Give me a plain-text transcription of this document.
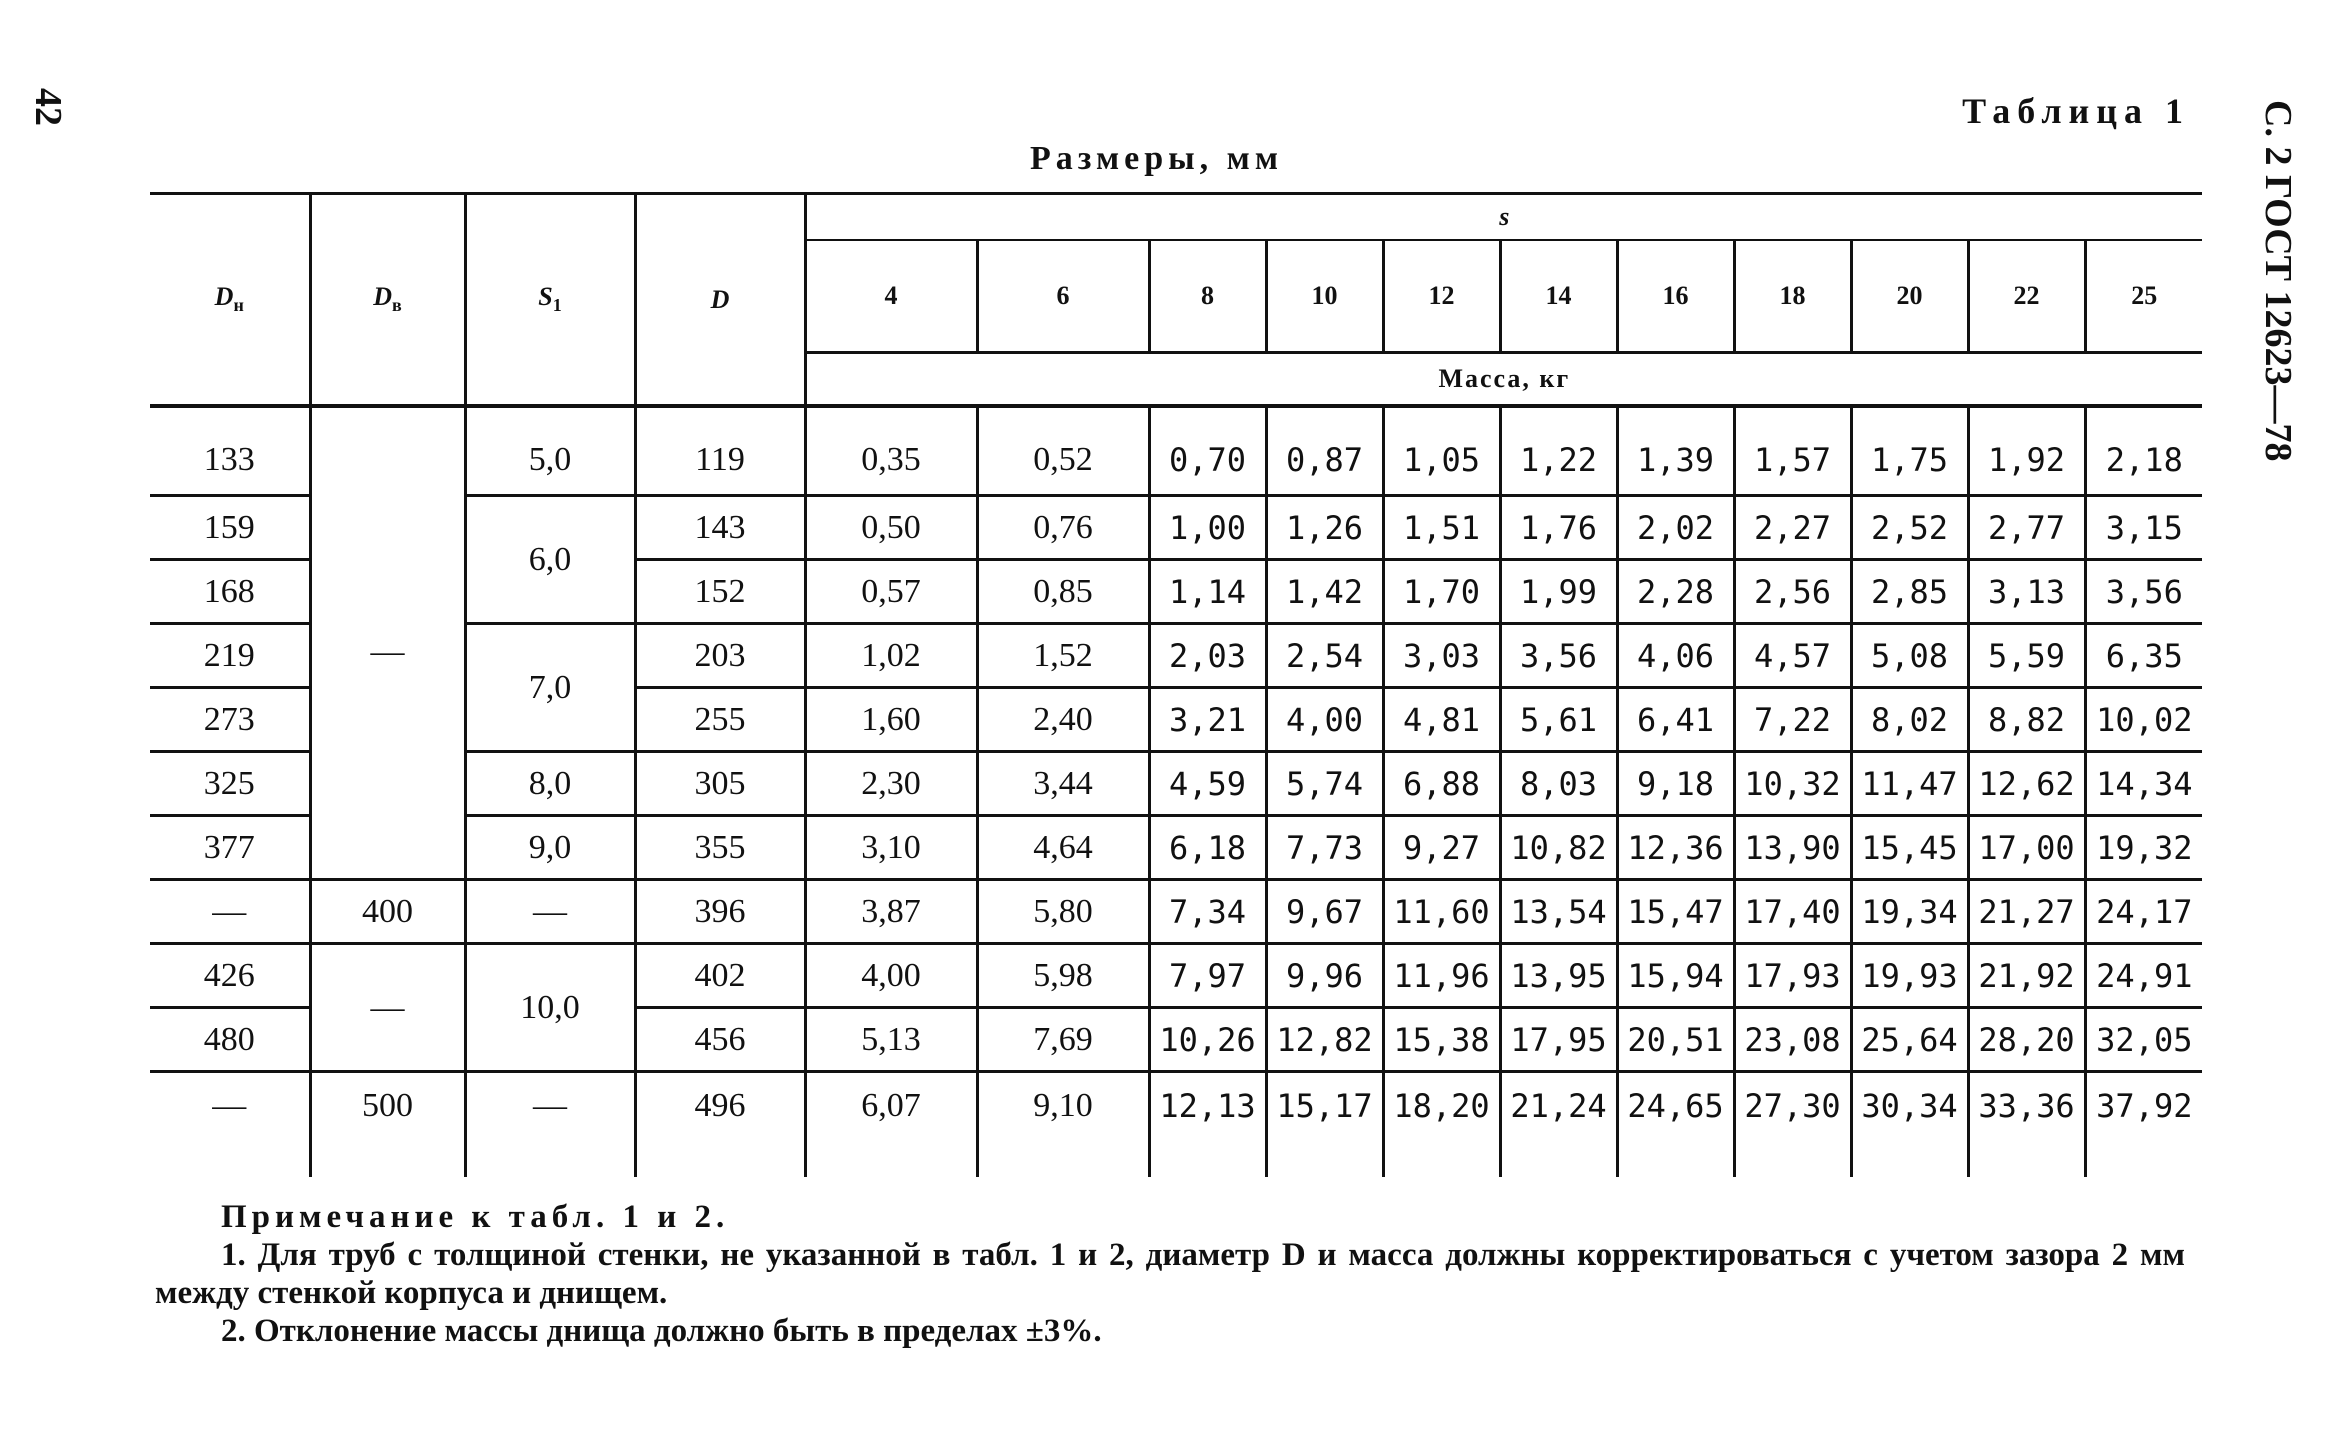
42	С. 2 ГОСТ 12623—78
Таблица 1
Размеры, мм
$D_н$	$D_в$	$S_1$	D	s										
				4	6	8	10	12	14	16	18	20	22	25
				Масса, кг										
133	—	5,0	119	0,35	0,52	0,70	0,87	1,05	1,22	1,39	1,57	1,75	1,92	2,18
159		6,0	143	0,50	0,76	1,00	1,26	1,51	1,76	2,02	2,27	2,52	2,77	3,15
168			152	0,57	0,85	1,14	1,42	1,70	1,99	2,28	2,56	2,85	3,13	3,56
219		7,0	203	1,02	1,52	2,03	2,54	3,03	3,56	4,06	4,57	5,08	5,59	6,35
273			255	1,60	2,40	3,21	4,00	4,81	5,61	6,41	7,22	8,02	8,82	10,02
325		8,0	305	2,30	3,44	4,59	5,74	6,88	8,03	9,18	10,32	11,47	12,62	14,34
377		9,0	355	3,10	4,64	6,18	7,73	9,27	10,82	12,36	13,90	15,45	17,00	19,32
—	400	—	396	3,87	5,80	7,34	9,67	11,60	13,54	15,47	17,40	19,34	21,27	24,17
426	—	10,0	402	4,00	5,98	7,97	9,96	11,96	13,95	15,94	17,93	19,93	21,92	24,91
480			456	5,13	7,69	10,26	12,82	15,38	17,95	20,51	23,08	25,64	28,20	32,05
—	500	—	496	6,07	9,10	12,13	15,17	18,20	21,24	24,65	27,30	30,34	33,36	37,92
Примечание к табл. 1 и 2.
1. Для труб с толщиной стенки, не указанной в табл. 1 и 2, диаметр D и масса должны корректироваться с учетом зазора 2 мм между стенкой корпуса и днищем.
2. Отклонение массы днища должно быть в пределах ±3%.
